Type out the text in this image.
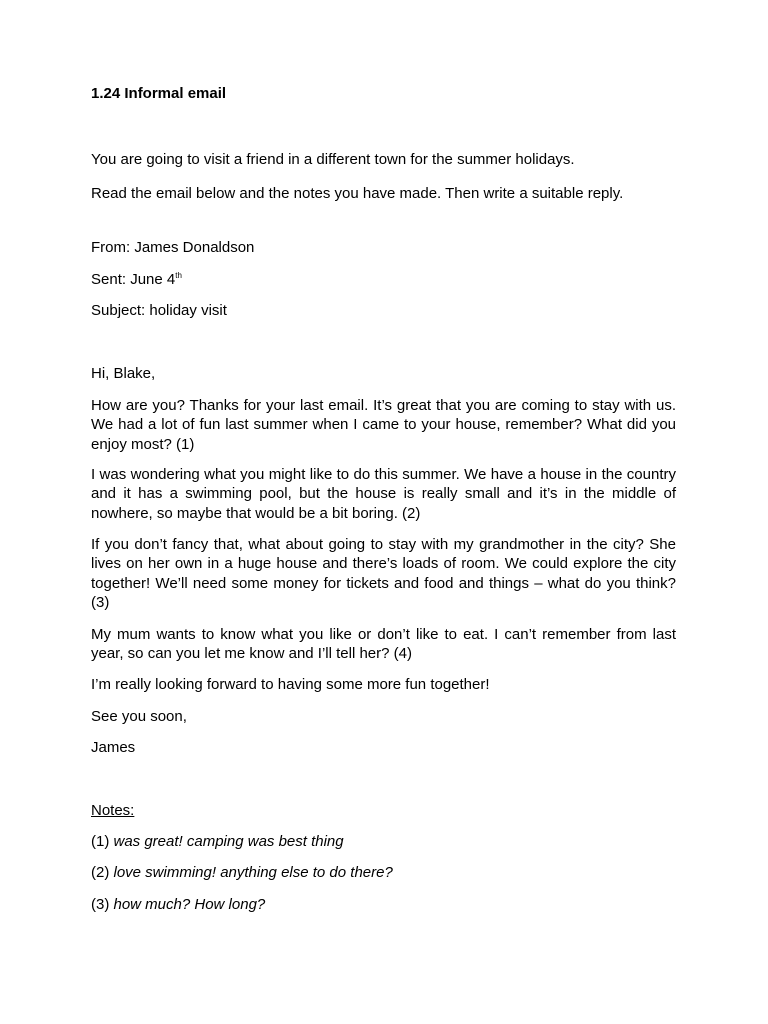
1.24 Informal email

You are going to visit a friend in a different town for the summer holidays.

Read the email below and the notes you have made. Then write a suitable reply.

From: James Donaldson

Sent: June 4th

Subject: holiday visit

Hi, Blake,

How are you? Thanks for your last email. It’s great that you are coming to stay with us. We had a lot of fun last summer when I came to your house, remember? What did you enjoy most? (1)

I was wondering what you might like to do this summer. We have a house in the country and it has a swimming pool, but the house is really small and it’s in the middle of nowhere, so maybe that would be a bit boring. (2)

If you don’t fancy that, what about going to stay with my grandmother in the city? She lives on her own in a huge house and there’s loads of room. We could explore the city together! We’ll need some money for tickets and food and things – what do you think? (3)

My mum wants to know what you like or don’t like to eat. I can’t remember from last year, so can you let me know and I’ll tell her? (4)

I’m really looking forward to having some more fun together!

See you soon,

James

Notes:

(1) was great! camping was best thing

(2) love swimming! anything else to do there?

(3) how much? How long?
